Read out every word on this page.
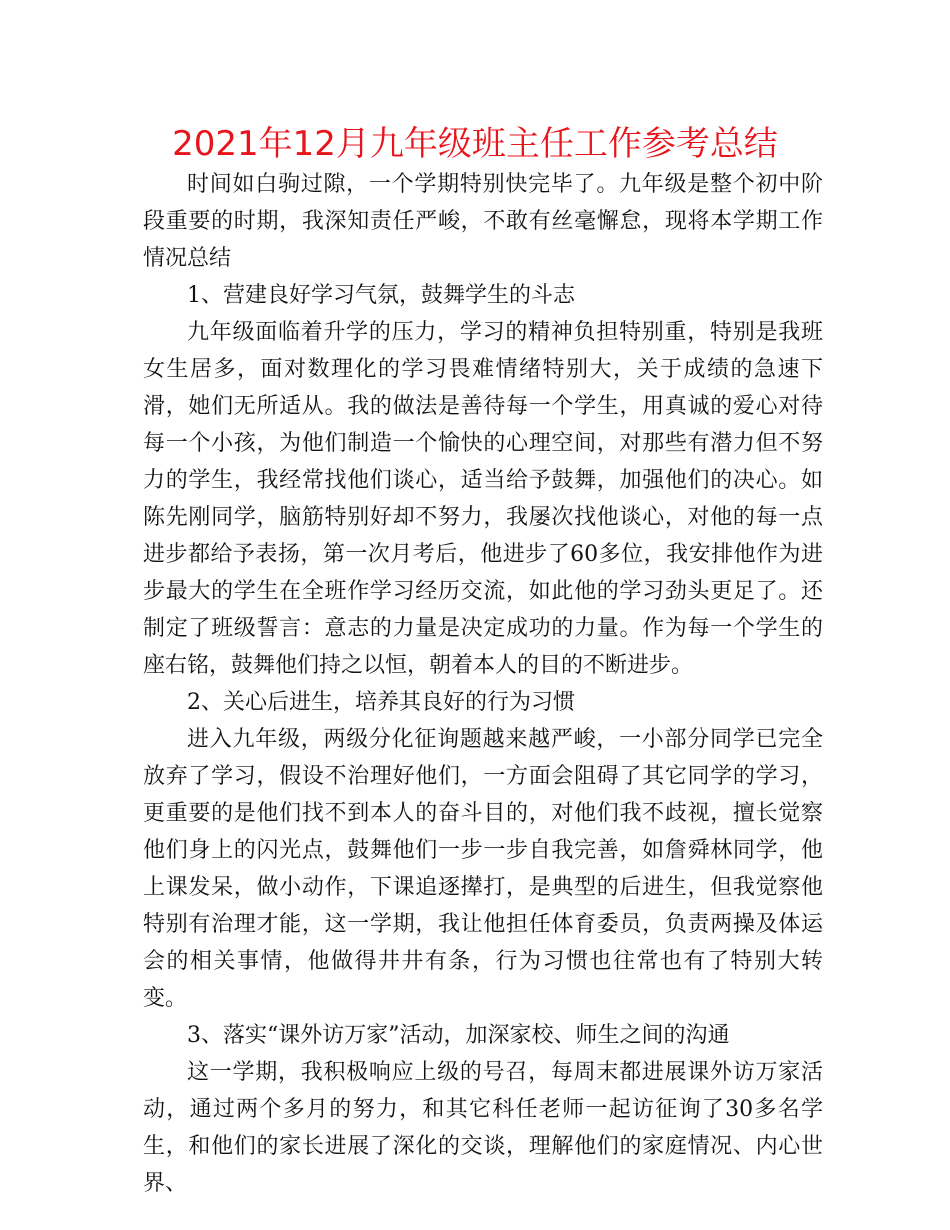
2021年12月九年级班主任工作参考总结

时间如白驹过隙，一个学期特别快完毕了。九年级是整个初中阶段重要的时期，我深知责任严峻，不敢有丝毫懈怠，现将本学期工作情况总结

1、营建良好学习气氛，鼓舞学生的斗志

九年级面临着升学的压力，学习的精神负担特别重，特别是我班女生居多，面对数理化的学习畏难情绪特别大，关于成绩的急速下滑，她们无所适从。我的做法是善待每一个学生，用真诚的爱心对待每一个小孩，为他们制造一个愉快的心理空间，对那些有潜力但不努力的学生，我经常找他们谈心，适当给予鼓舞，加强他们的决心。如陈先刚同学，脑筋特别好却不努力，我屡次找他谈心，对他的每一点进步都给予表扬，第一次月考后，他进步了60多位，我安排他作为进步最大的学生在全班作学习经历交流，如此他的学习劲头更足了。还制定了班级誓言：意志的力量是决定成功的力量。作为每一个学生的座右铭，鼓舞他们持之以恒，朝着本人的目的不断进步。

2、关心后进生，培养其良好的行为习惯

进入九年级，两级分化征询题越来越严峻，一小部分同学已完全放弃了学习，假设不治理好他们，一方面会阻碍了其它同学的学习，更重要的是他们找不到本人的奋斗目的，对他们我不歧视，擅长觉察他们身上的闪光点，鼓舞他们一步一步自我完善，如詹舜林同学，他上课发呆，做小动作，下课追逐撵打，是典型的后进生，但我觉察他特别有治理才能，这一学期，我让他担任体育委员，负责两操及体运会的相关事情，他做得井井有条，行为习惯也往常也有了特别大转变。

3、落实“课外访万家”活动，加深家校、师生之间的沟通

这一学期，我积极响应上级的号召，每周末都进展课外访万家活动，通过两个多月的努力，和其它科任老师一起访征询了30多名学生，和他们的家长进展了深化的交谈，理解他们的家庭情况、内心世界、
